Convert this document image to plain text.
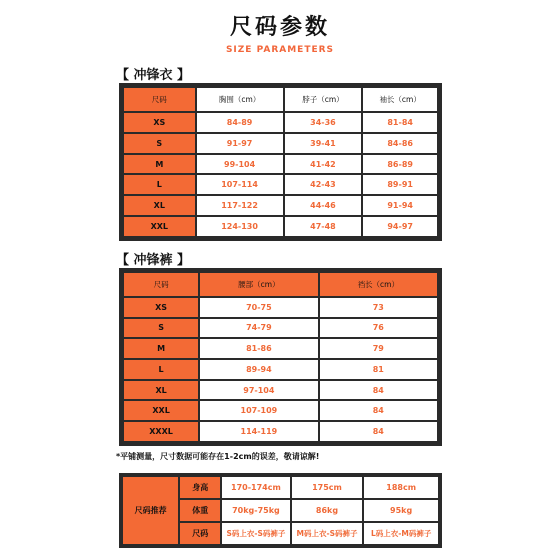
尺码参数
SIZE PARAMETERS
【 冲锋衣 】
尺码	胸围（cm）	脖子（cm）	袖长（cm）
XS	84-89	34-36	81-84
S	91-97	39-41	84-86
M	99-104	41-42	86-89
L	107-114	42-43	89-91
XL	117-122	44-46	91-94
XXL	124-130	47-48	94-97
【 冲锋裤 】
尺码	腰部（cm）	裆长（cm）
XS	70-75	73
S	74-79	76
M	81-86	79
L	89-94	81
XL	97-104	84
XXL	107-109	84
XXXL	114-119	84
*平铺测量，尺寸数据可能存在1-2cm的误差，敬请谅解!
尺码推荐	身高	170-174cm	175cm	188cm
	体重	70kg-75kg	86kg	95kg
	尺码	S码上衣-S码裤子	M码上衣-S码裤子	L码上衣-M码裤子
